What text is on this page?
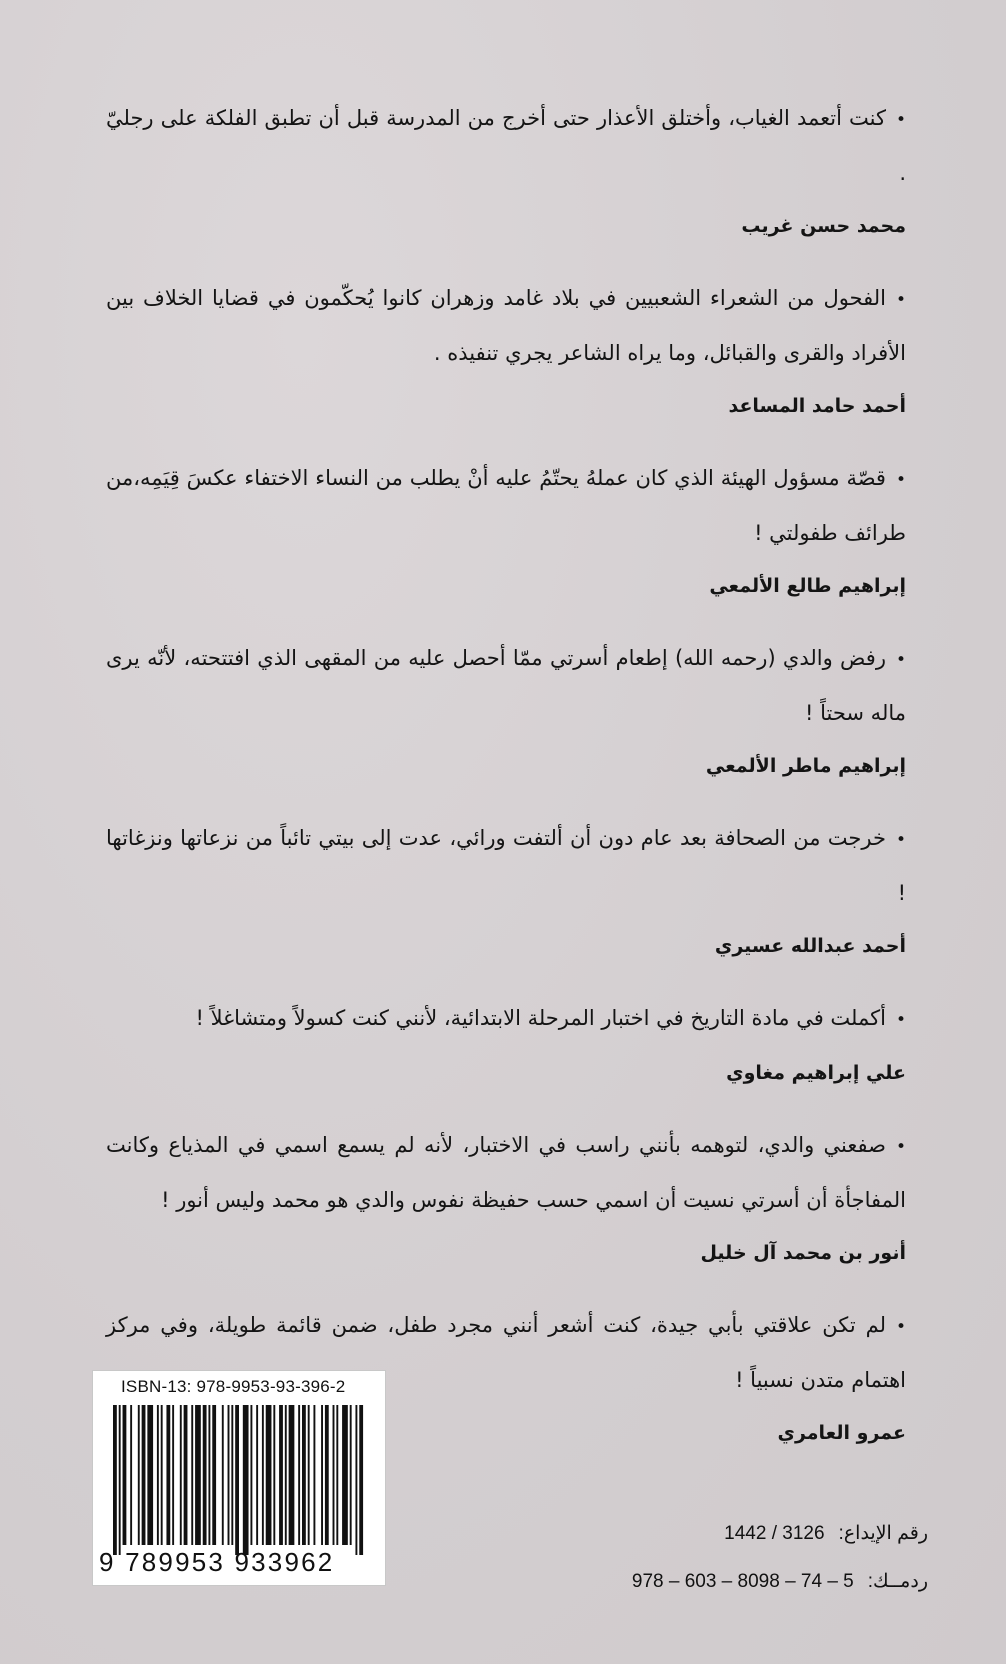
•كنت أتعمد الغياب، وأختلق الأعذار حتى أخرج من المدرسة قبل أن تطبق الفلكة على رجليّ .

محمد حسن غريب

•الفحول من الشعراء الشعبيين في بلاد غامد وزهران كانوا يُحكّمون في قضايا الخلاف بين الأفراد والقرى والقبائل، وما يراه الشاعر يجري تنفيذه .

أحمد حامد المساعد

•قصّة مسؤول الهيئة الذي كان عملهُ يحتّمُ عليه أنْ يطلب من النساء الاختفاء عكسَ قِيَمِه،من طرائف طفولتي !

إبراهيم طالع الألمعي

•رفض والدي (رحمه الله) إطعام أسرتي ممّا أحصل عليه من المقهى الذي افتتحته، لأنّه يرى ماله سحتاً !

إبراهيم ماطر الألمعي

•خرجت من الصحافة بعد عام دون أن ألتفت ورائي، عدت إلى بيتي تائباً من نزعاتها ونزغاتها !

أحمد عبدالله عسيري

•أكملت في مادة التاريخ في اختبار المرحلة الابتدائية، لأنني كنت كسولاً ومتشاغلاً !

علي إبراهيم مغاوي

•صفعني والدي، لتوهمه بأنني راسب في الاختبار، لأنه لم يسمع اسمي في المذياع وكانت المفاجأة أن أسرتي نسيت أن اسمي حسب حفيظة نفوس والدي هو محمد وليس أنور !

أنور بن محمد آل خليل

•لم تكن علاقتي بأبي جيدة، كنت أشعر أنني مجرد طفل، ضمن قائمة طويلة، وفي مركز اهتمام متدن نسبياً !

عمرو العامري
ISBN-13: 978-9953-93-396-2
9 789953 933962
رقم الإيداع:1442 / 3126
ردمــك:978 – 603 – 8098 – 74 – 5
